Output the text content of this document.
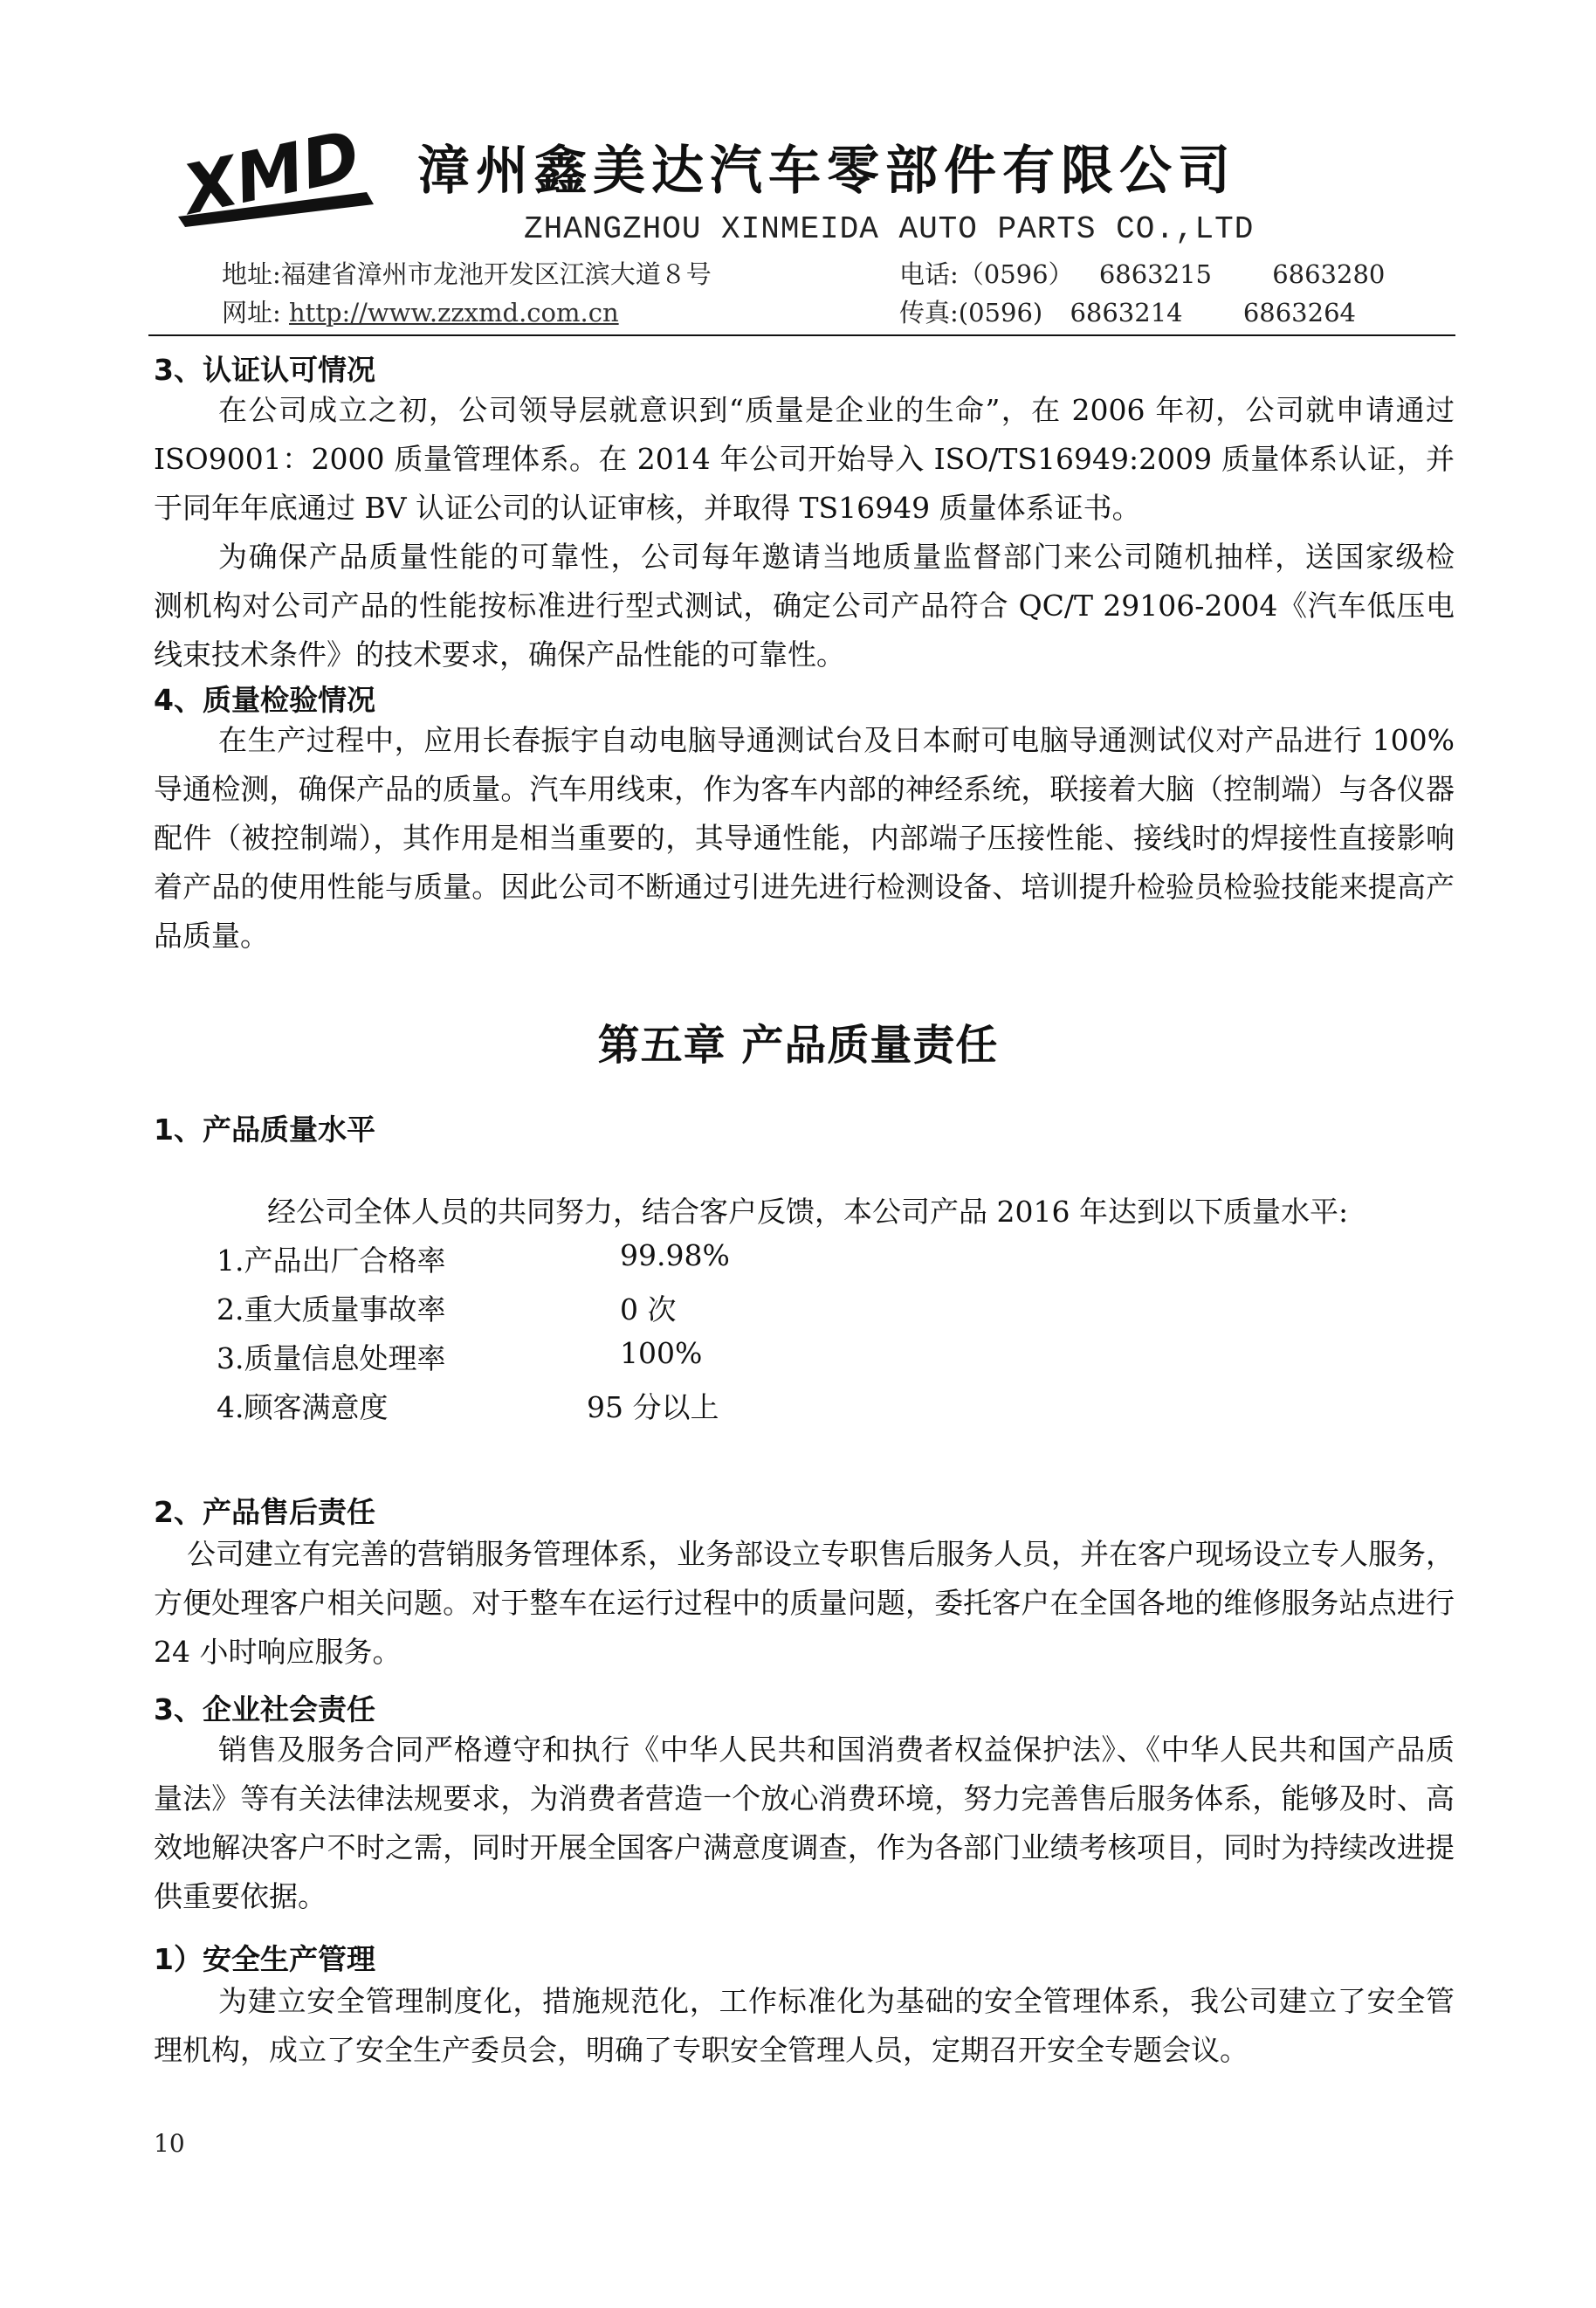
XMD 漳州鑫美达汽车零部件有限公司
ZHANGZHOU XINMEIDA AUTO PARTS CO.,LTD
地址:福建省漳州市龙池开发区江滨大道８号	电话:（0596） 6863215 6863280
网址: http://www.zzxmd.com.cn	传真:(0596) 6863214 6863264
3、认证认可情况

在公司成立之初，公司领导层就意识到“质量是企业的生命”，在 2006 年初，公司就申请通过 ISO9001：2000 质量管理体系。在 2014 年公司开始导入 ISO/TS16949:2009 质量体系认证，并于同年年底通过 BV 认证公司的认证审核，并取得 TS16949 质量体系证书。

为确保产品质量性能的可靠性，公司每年邀请当地质量监督部门来公司随机抽样，送国家级检　测机构对公司产品的性能按标准进行型式测试，确定公司产品符合 QC/T 29106-2004《汽车低压电线束技术条件》的技术要求，确保产品性能的可靠性。

4、质量检验情况

在生产过程中，应用长春振宇自动电脑导通测试台及日本耐可电脑导通测试仪对产品进行 100%导通检测，确保产品的质量。汽车用线束，作为客车内部的神经系统，联接着大脑（控制端）与各仪器配件（被控制端），其作用是相当重要的，其导通性能，内部端子压接性能、接线时的焊接性直接影响着产品的使用性能与质量。因此公司不断通过引进先进行检测设备、培训提升检验员检验技能来提高产品质量。

第五章 产品质量责任
1、产品质量水平
经公司全体人员的共同努力，结合客户反馈，本公司产品 2016 年达到以下质量水平:
1.产品出厂合格率	99.98%
2.重大质量事故率	0 次
3.质量信息处理率	100%
4.顾客满意度	95 分以上
2、产品售后责任

公司建立有完善的营销服务管理体系，业务部设立专职售后服务人员，并在客户现场设立专人服务，方便处理客户相关问题。对于整车在运行过程中的质量问题，委托客户在全国各地的维修服务站点进行 24 小时响应服务。

3、企业社会责任

销售及服务合同严格遵守和执行《中华人民共和国消费者权益保护法》、《中华人民共和国产品质量法》等有关法律法规要求，为消费者营造一个放心消费环境，努力完善售后服务体系，能够及时、高效地解决客户不时之需，同时开展全国客户满意度调查，作为各部门业绩考核项目，同时为持续改进提供重要依据。

1）安全生产管理

为建立安全管理制度化，措施规范化，工作标准化为基础的安全管理体系，我公司建立了安全管理机构，成立了安全生产委员会，明确了专职安全管理人员，定期召开安全专题会议。

10
